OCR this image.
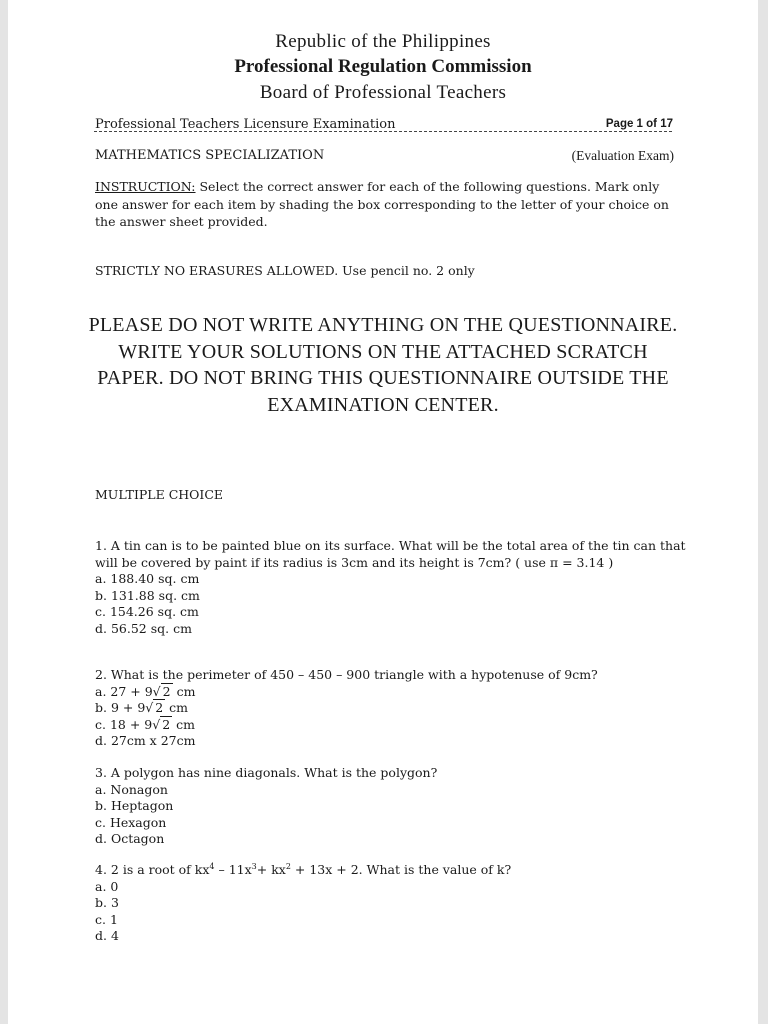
Republic of the Philippines
Professional Regulation Commission
Board of Professional Teachers
Professional Teachers Licensure Examination	Page 1 of 17
MATHEMATICS SPECIALIZATION	(Evaluation Exam)
INSTRUCTION: Select the correct answer for each of the following questions. Mark only one answer for each item by shading the box corresponding to the letter of your choice on the answer sheet provided.
STRICTLY NO ERASURES ALLOWED. Use pencil no. 2 only
PLEASE DO NOT WRITE ANYTHING ON THE QUESTIONNAIRE. WRITE YOUR SOLUTIONS ON THE ATTACHED SCRATCH PAPER. DO NOT BRING THIS QUESTIONNAIRE OUTSIDE THE EXAMINATION CENTER.
MULTIPLE CHOICE

1. A tin can is to be painted blue on its surface. What will be the total area of the tin can that will be covered by paint if its radius is 3cm and its height is 7cm? ( use π = 3.14 )

a. 188.40 sq. cm

b. 131.88 sq. cm

c. 154.26 sq. cm

d. 56.52 sq. cm

2. What is the perimeter of 450 – 450 – 900 triangle with a hypotenuse of 9cm?

a. 27 + 9√ 2 cm

b. 9 + 9√ 2 cm

c. 18 + 9√ 2 cm

d. 27cm x 27cm

3. A polygon has nine diagonals. What is the polygon?

a. Nonagon

b. Heptagon

c. Hexagon

d. Octagon

4. 2 is a root of $kx^4 - 11x^3+ kx^2 + 13x + 2$. What is the value of k?

a. 0

b. 3

c. 1

d. 4
